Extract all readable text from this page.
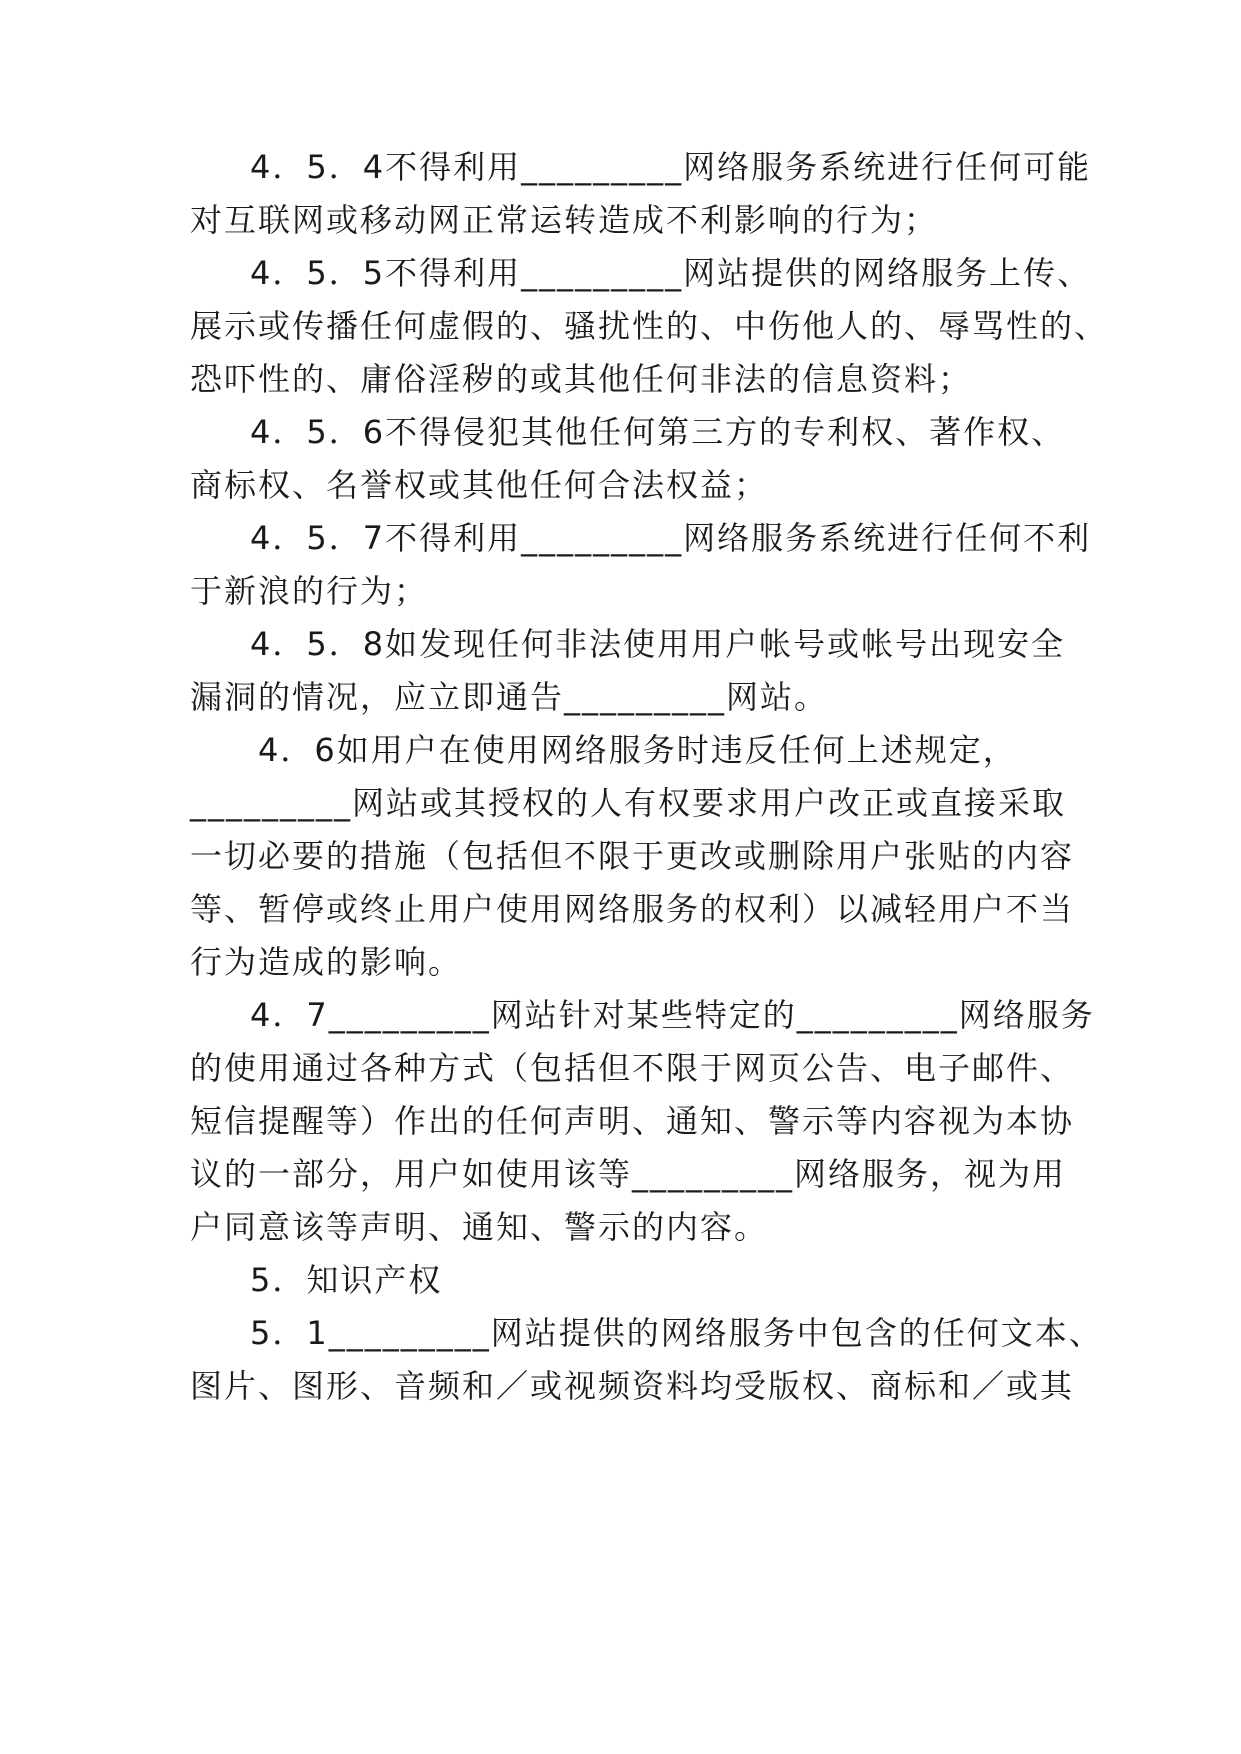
4．5．4不得利用_________网络服务系统进行任何可能
对互联网或移动网正常运转造成不利影响的行为；
4．5．5不得利用_________网站提供的网络服务上传、
展示或传播任何虚假的、骚扰性的、中伤他人的、辱骂性的、
恐吓性的、庸俗淫秽的或其他任何非法的信息资料；
4．5．6不得侵犯其他任何第三方的专利权、著作权、
商标权、名誉权或其他任何合法权益；
4．5．7不得利用_________网络服务系统进行任何不利
于新浪的行为；
4．5．8如发现任何非法使用用户帐号或帐号出现安全
漏洞的情况，应立即通告_________网站。
4．6如用户在使用网络服务时违反任何上述规定，
_________网站或其授权的人有权要求用户改正或直接采取
一切必要的措施（包括但不限于更改或删除用户张贴的内容
等、暂停或终止用户使用网络服务的权利）以减轻用户不当
行为造成的影响。
4．7_________网站针对某些特定的_________网络服务
的使用通过各种方式（包括但不限于网页公告、电子邮件、
短信提醒等）作出的任何声明、通知、警示等内容视为本协
议的一部分，用户如使用该等_________网络服务，视为用
户同意该等声明、通知、警示的内容。
5．知识产权
5．1_________网站提供的网络服务中包含的任何文本、
图片、图形、音频和／或视频资料均受版权、商标和／或其
